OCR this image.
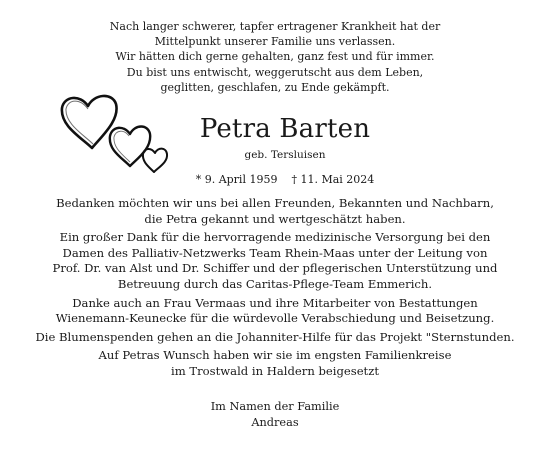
Nach langer schwerer, tapfer ertragener Krankheit hat der
Mittelpunkt unserer Familie uns verlassen.
Wir hätten dich gerne gehalten, ganz fest und für immer.
Du bist uns entwischt, weggerutscht aus dem Leben,
geglitten, geschlafen, zu Ende gekämpft.
Petra Barten
geb. Tersluisen
* 9. April 1959 † 11. Mai 2024
Bedanken möchten wir uns bei allen Freunden, Bekannten und Nachbarn,
die Petra gekannt und wertgeschätzt haben.
Ein großer Dank für die hervorragende medizinische Versorgung bei den
Damen des Palliativ-Netzwerks Team Rhein-Maas unter der Leitung von
Prof. Dr. van Alst und Dr. Schiffer und der pflegerischen Unterstützung und
Betreuung durch das Caritas-Pflege-Team Emmerich.
Danke auch an Frau Vermaas und ihre Mitarbeiter von Bestattungen
Wienemann-Keunecke für die würdevolle Verabschiedung und Beisetzung.
Die Blumenspenden gehen an die Johanniter-Hilfe für das Projekt "Sternstunden.
Auf Petras Wunsch haben wir sie im engsten Familienkreise
im Trostwald in Haldern beigesetzt
Im Namen der Familie
Andreas
